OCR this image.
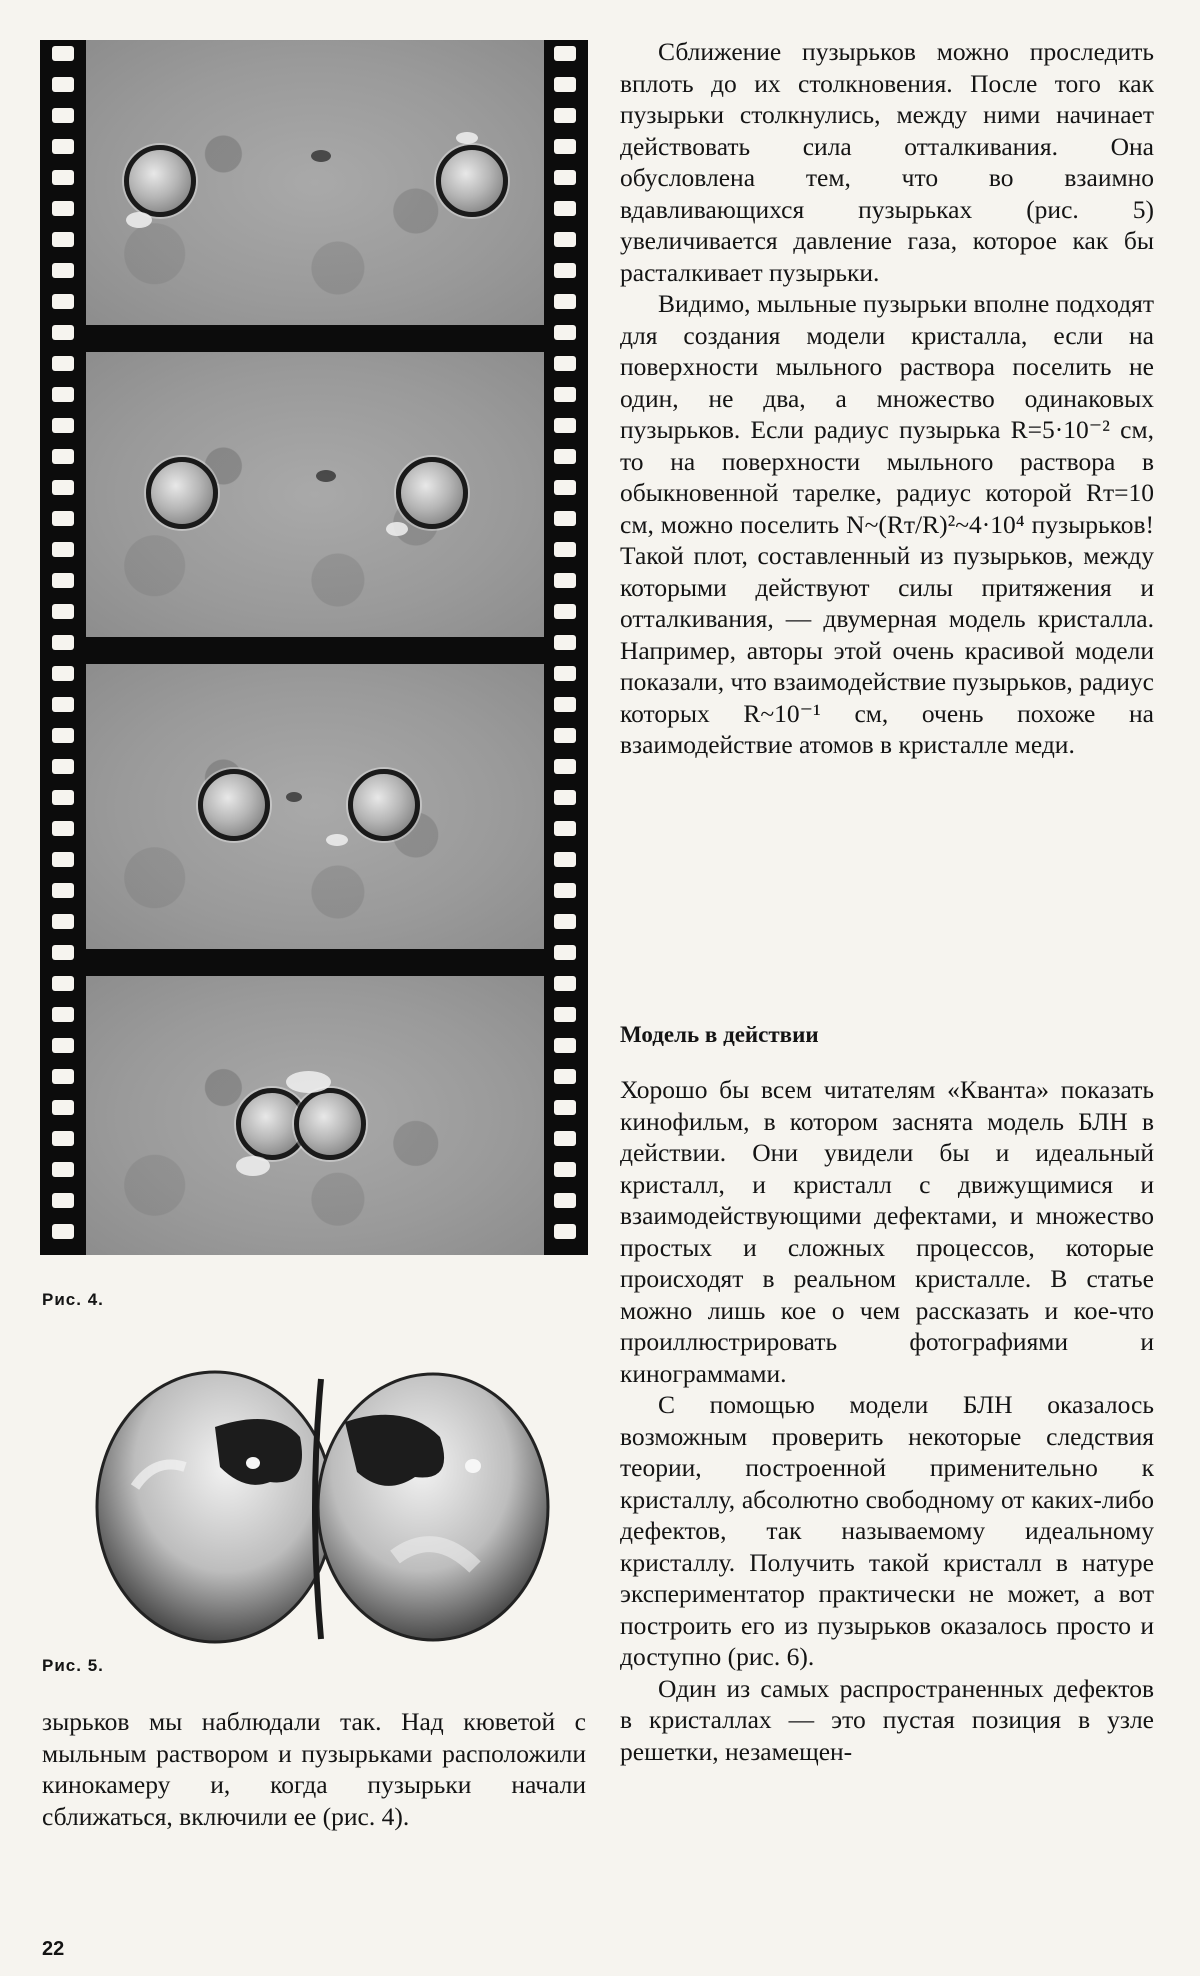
Рис. 4.
Рис. 5.

зырьков мы наблюдали так. Над кюветой с мыльным раствором и пузырьками расположили кинокамеру и, когда пузырьки начали сближаться, включили ее (рис. 4).

Сближение пузырьков можно проследить вплоть до их столкновения. После того как пузырьки столкнулись, между ними начинает действовать сила отталкивания. Она обусловлена тем, что во взаимно вдавливающихся пузырьках (рис. 5) увеличивается давление газа, которое как бы расталкивает пузырьки.

Видимо, мыльные пузырьки вполне подходят для создания модели кристалла, если на поверхности мыльного раствора поселить не один, не два, а множество одинаковых пузырьков. Если радиус пузырька R=5·10⁻² см, то на поверхности мыльного раствора в обыкновенной тарелке, радиус которой Rт=10 см, можно поселить N~(Rт/R)²~4·10⁴ пузырьков! Такой плот, составленный из пузырьков, между которыми действуют силы притяжения и отталкивания, — двумерная модель кристалла. Например, авторы этой очень красивой модели показали, что взаимодействие пузырьков, радиус которых R~10⁻¹ см, очень похоже на взаимодействие атомов в кристалле меди.

Модель в действии

Хорошо бы всем читателям «Кванта» показать кинофильм, в котором заснята модель БЛН в действии. Они увидели бы и идеальный кристалл, и кристалл с движущимися и взаимодействующими дефектами, и множество простых и сложных процессов, которые происходят в реальном кристалле. В статье можно лишь кое о чем рассказать и кое-что проиллюстрировать фотографиями и кинограммами.

С помощью модели БЛН оказалось возможным проверить некоторые следствия теории, построенной применительно к кристаллу, абсолютно свободному от каких-либо дефектов, так называемому идеальному кристаллу. Получить такой кристалл в натуре экспериментатор практически не может, а вот построить его из пузырьков оказалось просто и доступно (рис. 6).

Один из самых распространенных дефектов в кристаллах — это пустая позиция в узле решетки, незамещен-

22
